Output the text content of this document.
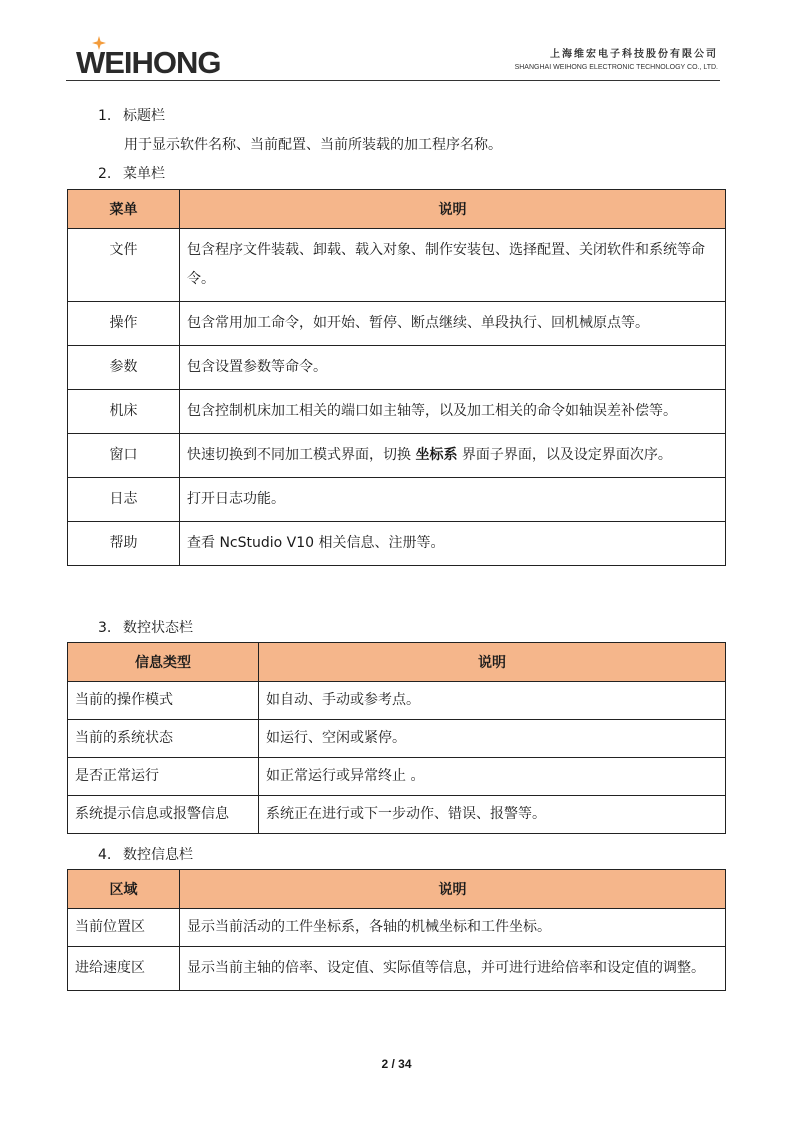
WEIHONG	上海维宏电子科技股份有限公司
SHANGHAI WEIHONG ELECTRONIC TECHNOLOGY CO., LTD.
1. 标题栏
用于显示软件名称、当前配置、当前所装载的加工程序名称。
2. 菜单栏
菜单	说明
文件	包含程序文件装载、卸载、载入对象、制作安装包、选择配置、关闭软件和系统等命令。
操作	包含常用加工命令，如开始、暂停、断点继续、单段执行、回机械原点等。
参数	包含设置参数等命令。
机床	包含控制机床加工相关的端口如主轴等，以及加工相关的命令如轴误差补偿等。
窗口	快速切换到不同加工模式界面，切换 坐标系 界面子界面，以及设定界面次序。
日志	打开日志功能。
帮助	查看 NcStudio V10 相关信息、注册等。
3. 数控状态栏
信息类型	说明
当前的操作模式	如自动、手动或参考点。
当前的系统状态	如运行、空闲或紧停。
是否正常运行	如正常运行或异常终止 。
系统提示信息或报警信息	系统正在进行或下一步动作、错误、报警等。
4. 数控信息栏
区域	说明
当前位置区	显示当前活动的工件坐标系，各轴的机械坐标和工件坐标。
进给速度区	显示当前主轴的倍率、设定值、实际值等信息，并可进行进给倍率和设定值的调整。
2 / 34
